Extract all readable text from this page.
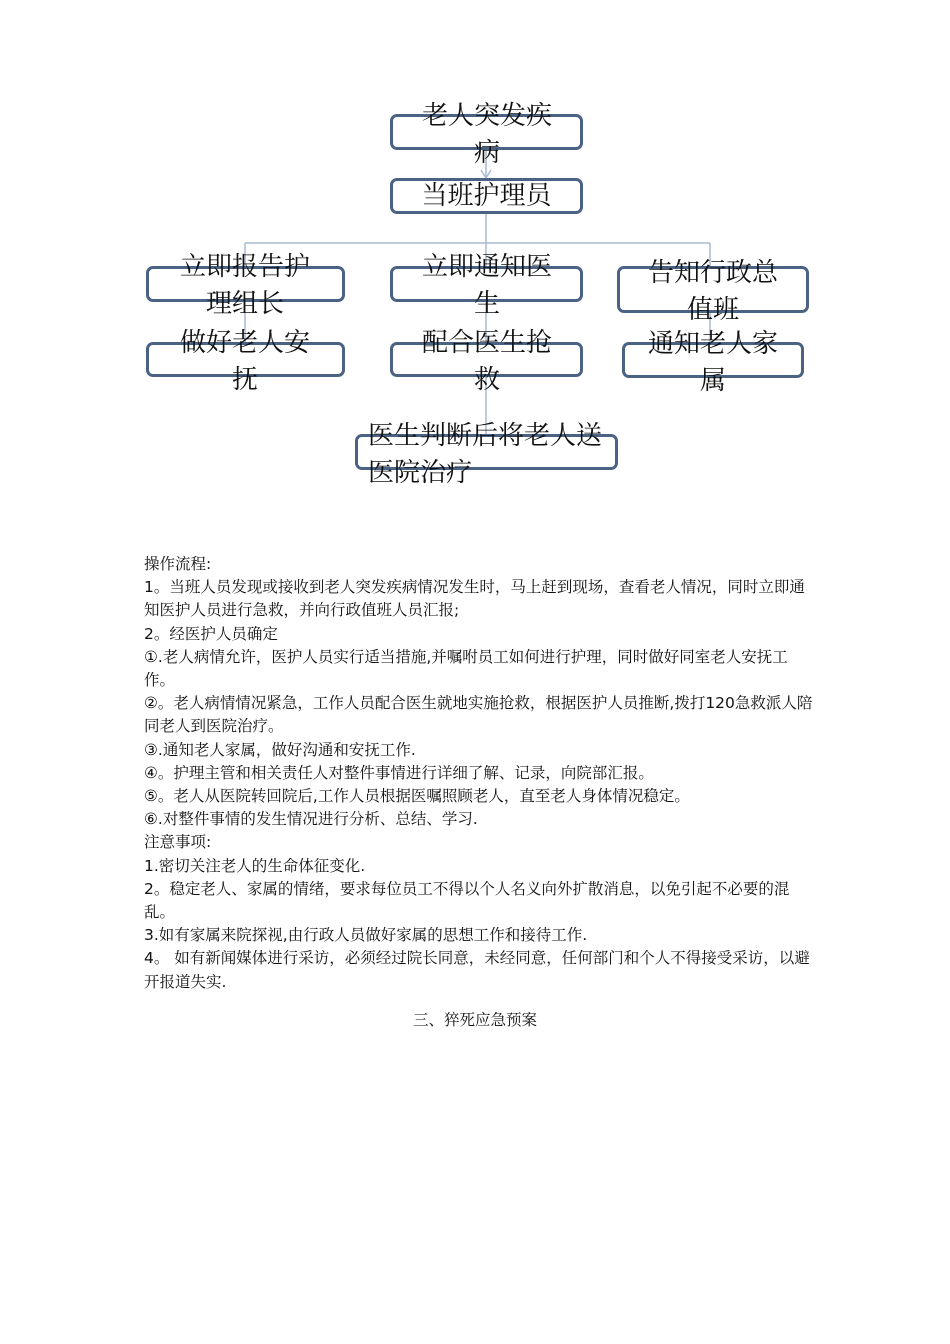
老人突发疾病
当班护理员
立即报告护理组长
立即通知医生
告知行政总值班
做好老人安抚
配合医生抢救
通知老人家属
医生判断后将老人送医院治疗

操作流程:

1。当班人员发现或接收到老人突发疾病情况发生时，马上赶到现场，查看老人情况，同时立即通知医护人员进行急救，并向行政值班人员汇报;

2。经医护人员确定

①.老人病情允许，医护人员实行适当措施,并嘱咐员工如何进行护理，同时做好同室老人安抚工作。

②。老人病情情况紧急，工作人员配合医生就地实施抢救，根据医护人员推断,拨打120急救派人陪同老人到医院治疗。

③.通知老人家属，做好沟通和安抚工作.

④。护理主管和相关责任人对整件事情进行详细了解、记录，向院部汇报。

⑤。老人从医院转回院后,工作人员根据医嘱照顾老人，直至老人身体情况稳定。

⑥.对整件事情的发生情况进行分析、总结、学习.

注意事项:

1.密切关注老人的生命体征变化.

2。稳定老人、家属的情绪，要求每位员工不得以个人名义向外扩散消息，以免引起不必要的混乱。

3.如有家属来院探视,由行政人员做好家属的思想工作和接待工作.

4。 如有新闻媒体进行采访，必须经过院长同意，未经同意，任何部门和个人不得接受采访，以避开报道失实.

三、猝死应急预案
